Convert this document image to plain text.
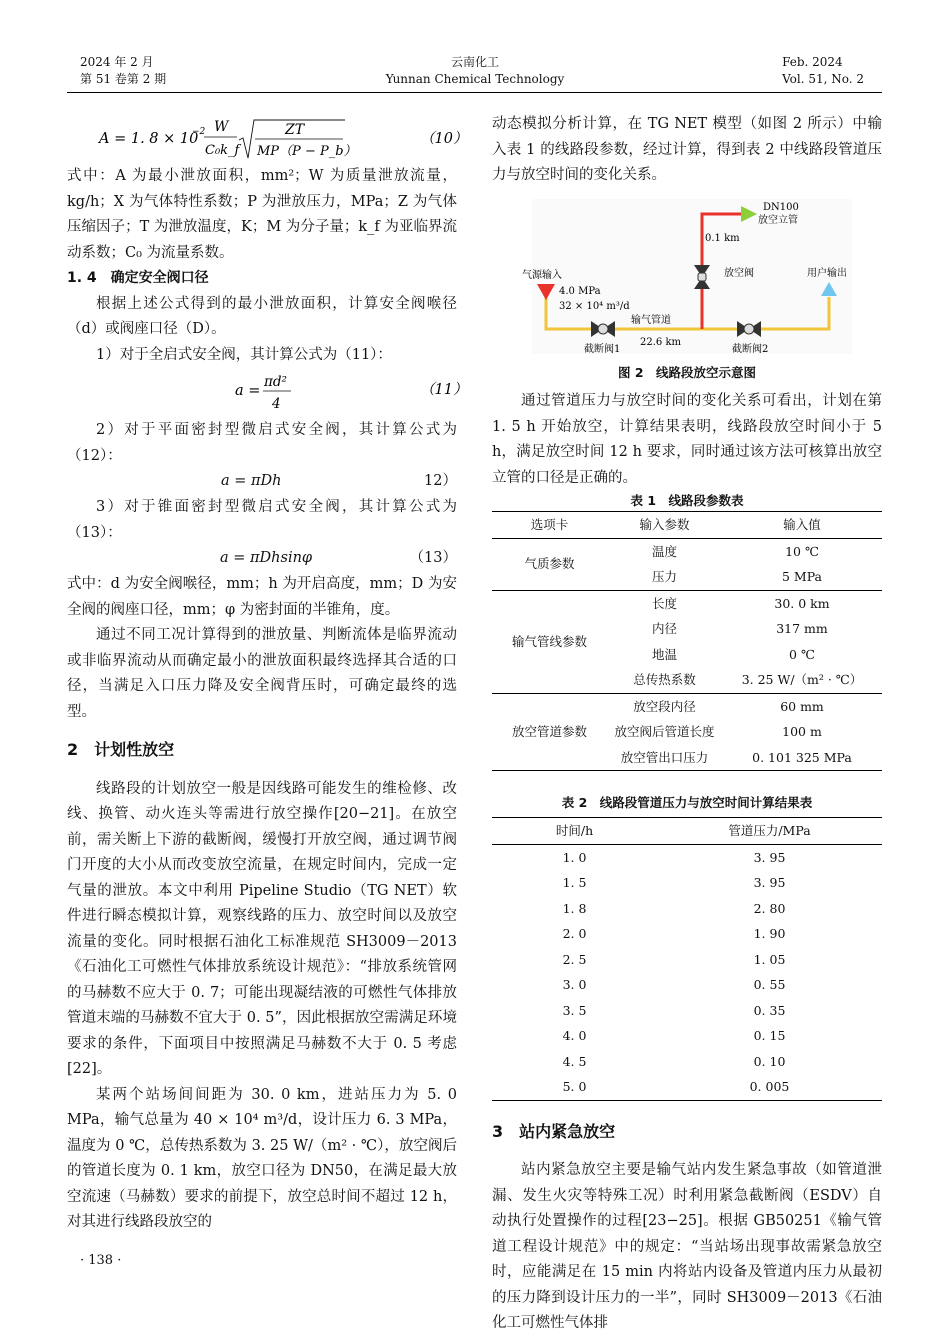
2024 年 2 月
第 51 卷第 2 期
云南化工
Yunnan Chemical Technology
Feb. 2024
Vol. 51, No. 2
A = 1. 8 × 10
−2 W
C₀k_f
ZT
MP（P − P_b）
（10）

式中：A 为最小泄放面积，mm²；W 为质量泄放流量，kg/h；X 为气体特性系数；P 为泄放压力，MPa；Z 为气体压缩因子；T 为泄放温度，K；M 为分子量；k_f 为亚临界流动系数；C₀ 为流量系数。

1. 4　确定安全阀口径

根据上述公式得到的最小泄放面积，计算安全阀喉径（d）或阀座口径（D）。

1）对于全启式安全阀，其计算公式为（11）：

a =
πd²
4
（11）

2）对于平面密封型微启式安全阀，其计算公式为（12）：

a = πDh	12）

3）对于锥面密封型微启式安全阀，其计算公式为（13）：

a = πDhsinφ	（13）

式中：d 为安全阀喉径，mm；h 为开启高度，mm；D 为安全阀的阀座口径，mm；φ 为密封面的半锥角，度。

通过不同工况计算得到的泄放量、判断流体是临界流动或非临界流动从而确定最小的泄放面积最终选择其合适的口径，当满足入口压力降及安全阀背压时，可确定最终的选型。

2　计划性放空

线路段的计划放空一般是因线路可能发生的维检修、改线、换管、动火连头等需进行放空操作[20−21]。在放空前，需关断上下游的截断阀，缓慢打开放空阀，通过调节阀门开度的大小从而改变放空流量，在规定时间内，完成一定气量的泄放。本文中利用 Pipeline Studio（TG NET）软件进行瞬态模拟计算，观察线路的压力、放空时间以及放空流量的变化。同时根据石油化工标准规范 SH3009－2013《石油化工可燃性气体排放系统设计规范》：“排放系统管网的马赫数不应大于 0. 7；可能出现凝结液的可燃性气体排放管道末端的马赫数不宜大于 0. 5”，因此根据放空需满足环境要求的条件，下面项目中按照满足马赫数不大于 0. 5 考虑[22]。

某两个站场间间距为 30. 0 km，进站压力为 5. 0 MPa，输气总量为 40 × 10⁴ m³/d，设计压力 6. 3 MPa，温度为 0 ℃，总传热系数为 3. 25 W/（m² · ℃），放空阀后的管道长度为 0. 1 km，放空口径为 DN50，在满足最大放空流速（马赫数）要求的前提下，放空总时间不超过 12 h，对其进行线路段放空的

动态模拟分析计算，在 TG NET 模型（如图 2 所示）中输入表 1 的线路段参数，经过计算，得到表 2 中线路段管道压力与放空时间的变化关系。

DN100
放空立管
0.1 km
放空阀
气源输入
4.0 MPa
32 × 10⁴ m³/d
输气管道
22.6 km
截断阀1	截断阀2
用户输出
图 2　线路段放空示意图

通过管道压力与放空时间的变化关系可看出，计划在第 1. 5 h 开始放空，计算结果表明，线路段放空时间小于 5 h，满足放空时间 12 h 要求，同时通过该方法可核算出放空立管的口径是正确的。

表 1　线路段参数表
选项卡	输入参数	输入值
气质参数	温度	10 ℃
	压力	5 MPa
输气管线参数	长度	30. 0 km
	内径	317 mm
	地温	0 ℃
	总传热系数	3. 25 W/（m² · ℃）
放空管道参数	放空段内径	60 mm
	放空阀后管道长度	100 m
	放空管出口压力	0. 101 325 MPa
表 2　线路段管道压力与放空时间计算结果表
时间/h	管道压力/MPa
1. 0	3. 95
1. 5	3. 95
1. 8	2. 80
2. 0	1. 90
2. 5	1. 05
3. 0	0. 55
3. 5	0. 35
4. 0	0. 15
4. 5	0. 10
5. 0	0. 005
3　站内紧急放空

站内紧急放空主要是输气站内发生紧急事故（如管道泄漏、发生火灾等特殊工况）时利用紧急截断阀（ESDV）自动执行处置操作的过程[23−25]。根据 GB50251《输气管道工程设计规范》中的规定：“当站场出现事故需紧急放空时，应能满足在 15 min 内将站内设备及管道内压力从最初的压力降到设计压力的一半”，同时 SH3009－2013《石油化工可燃性气体排

· 138 ·
